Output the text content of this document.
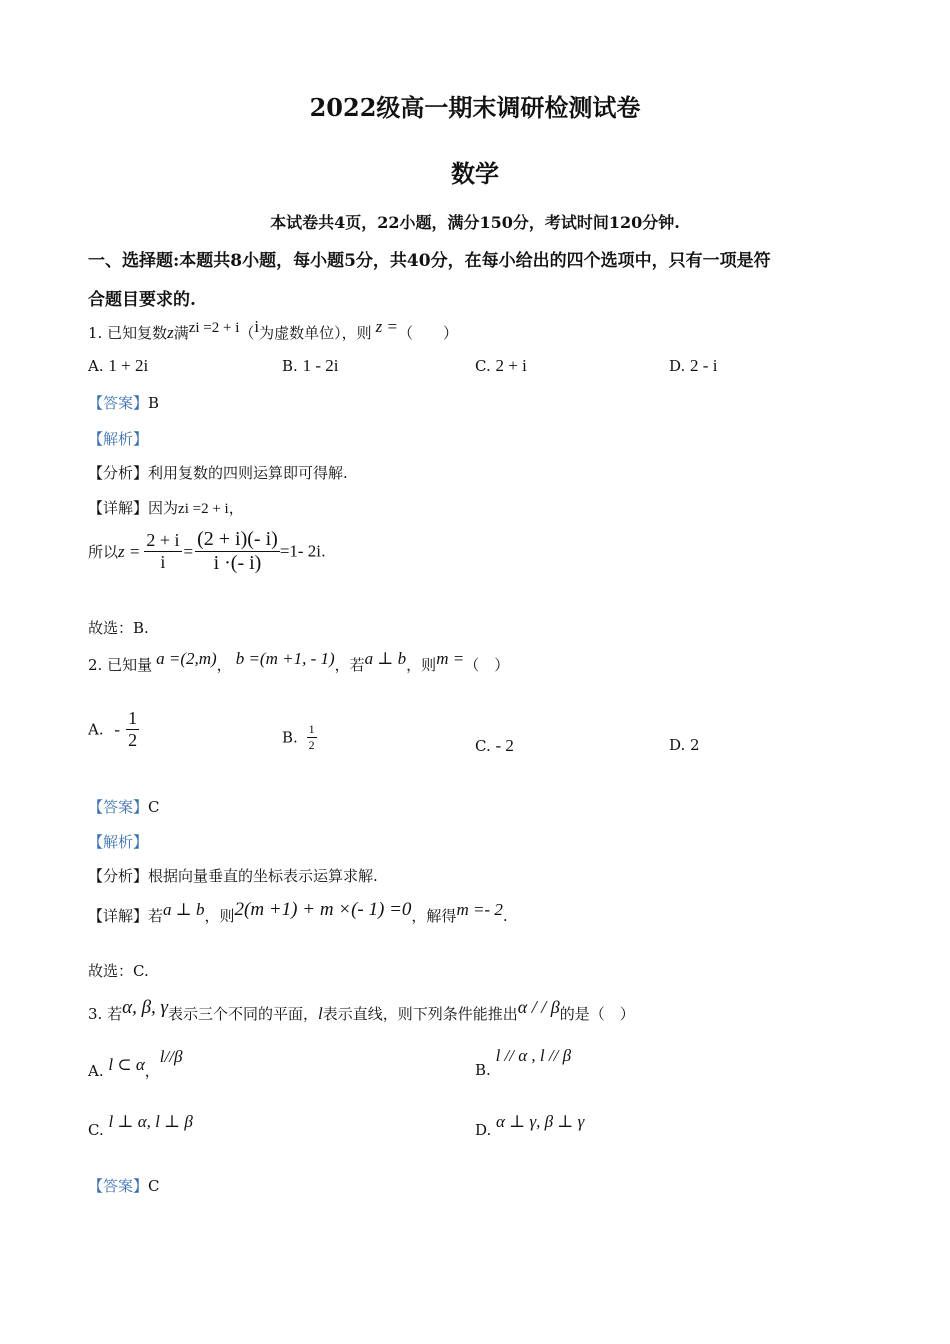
2022级高一期末调研检测试卷
数学
本试卷共4页，22小题，满分150分，考试时间120分钟.
一、选择题:本题共8小题，每小题5分，共40分，在每小给出的四个选项中，只有一项是符
合题目要求的.
1. 已知复数z满zi =2 + i（i为虚数单位），则 z =（　　）
A. 1 + 2i	B. 1 - 2i	C. 2 + i	D. 2 - i
【答案】B
【解析】
【分析】利用复数的四则运算即可得解.
【详解】因为zi =2 + i，
所以$z = \frac{2 + i}{i} = \frac{(2 + i)(- i)}{i \cdot(- i)} =1-$ 2i.
故选：B.
2. 已知量 a =(2,m)， b =(m +1, - 1)，若a ⊥ b，则m =（　）
A. - $\frac{1}{2}$	B. $\frac{1}{2}$	C. - 2	D. 2
【答案】C
【解析】
【分析】根据向量垂直的坐标表示运算求解.
【详解】若a ⊥ b，则2(m +1) + m ×(- 1) =0，解得m =- 2.
故选：C.
3. 若α, β, γ表示三个不同的平面，l表示直线，则下列条件能推出α / / β的是（　）
A. l ⊂ α，l//β
B. l // α , l // β
C. l ⊥ α, l ⊥ β	D. α ⊥ γ, β ⊥ γ
【答案】C
